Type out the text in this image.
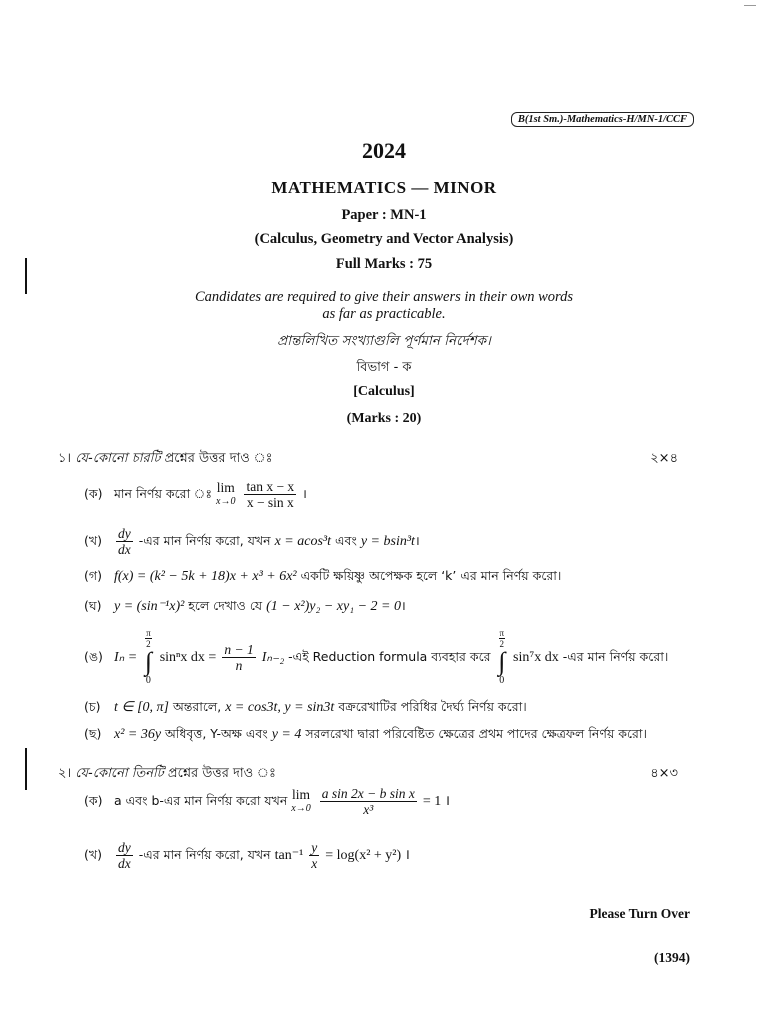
B(1st Sm.)-Mathematics-H/MN-1/CCF
2024
MATHEMATICS — MINOR
Paper : MN-1
(Calculus, Geometry and Vector Analysis)
Full Marks : 75
Candidates are required to give their answers in their own words
as far as practicable.
প্রান্তলিখিত সংখ্যাগুলি পূর্ণমান নির্দেশক।
বিভাগ - ক
[Calculus]
(Marks : 20)
১। যে-কোনো চারটি প্রশ্নের উত্তর দাও ঃ	২×৪
(ক) মান নির্ণয় করো ঃ lim
x→0
$\frac{\text{tan x − x}}{\text{x − sin x}}$ ।
(খ) $\frac{dy}{dx}$ -এর মান নির্ণয় করো, যখন x = acos³t এবং y = bsin³t।
(গ) f(x) = (k² − 5k + 18)x + x³ + 6x² একটি ক্ষয়িষ্ণু অপেক্ষক হলে ‘k’ এর মান নির্ণয় করো।
(ঘ) y = (sin⁻¹x)² হলে দেখাও যে (1 − x²)y₂ − xy₁ − 2 = 0।
(ঙ) Iₙ =
$\frac{\pi}{2}$
∫
0
sinⁿx dx = $\frac{n - 1}{n} I_{n-2}$ -এই Reduction formula ব্যবহার করে
$\frac{\pi}{2}$
∫
0
sin⁷x dx -এর মান নির্ণয় করো।
(চ) t ∈ [0, π] অন্তরালে, x = cos3t, y = sin3t বক্ররেখাটির পরিধির দৈর্ঘ্য নির্ণয় করো।
(ছ) x² = 36y অধিবৃত্ত, Y-অক্ষ এবং y = 4 সরলরেখা দ্বারা পরিবেষ্টিত ক্ষেত্রের প্রথম পাদের ক্ষেত্রফল নির্ণয় করো।
২। যে-কোনো তিনটি প্রশ্নের উত্তর দাও ঃ	৪×৩
(ক) a এবং b-এর মান নির্ণয় করো যখন lim
x→0
$\frac{\text{a sin 2x − b sin x}}{\text{x³}} = 1$ ।
(খ) $\frac{dy}{dx}$ -এর মান নির্ণয় করো, যখন $\tan^{-1} \frac{y}{x} = \log(x^2 + y^2)$ ।
Please Turn Over
(1394)
